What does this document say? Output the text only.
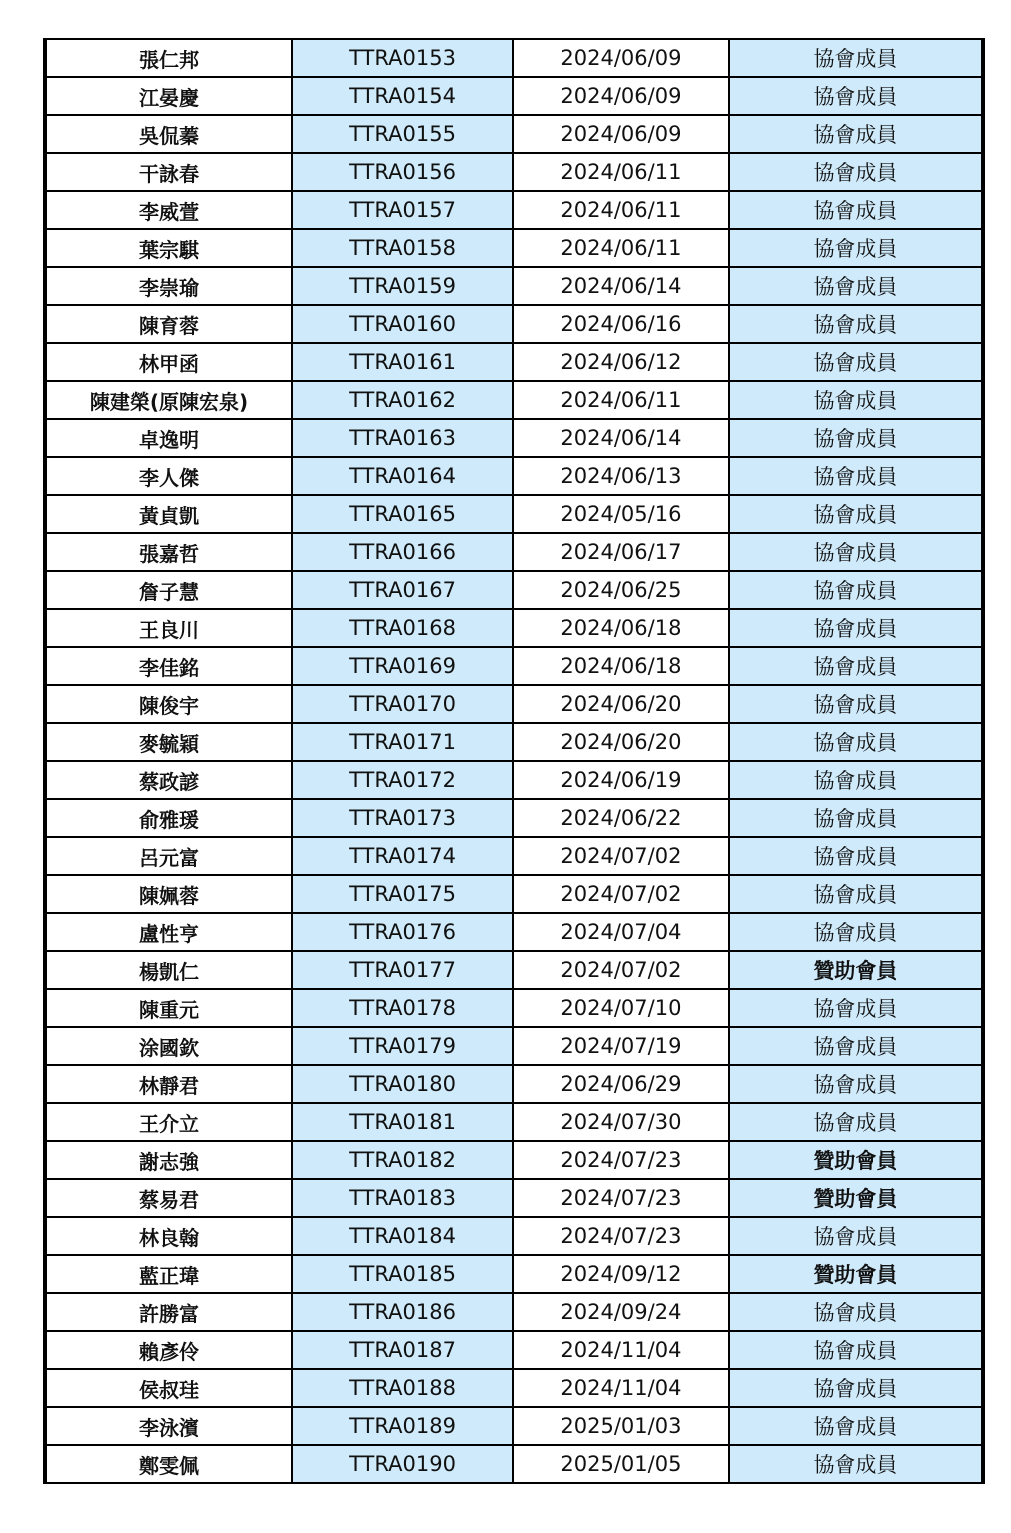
張仁邦	TTRA0153	2024/06/09	協會成員
江晏慶	TTRA0154	2024/06/09	協會成員
吳侃蓁	TTRA0155	2024/06/09	協會成員
干詠春	TTRA0156	2024/06/11	協會成員
李威萱	TTRA0157	2024/06/11	協會成員
葉宗騏	TTRA0158	2024/06/11	協會成員
李崇瑜	TTRA0159	2024/06/14	協會成員
陳育蓉	TTRA0160	2024/06/16	協會成員
林甲函	TTRA0161	2024/06/12	協會成員
陳建榮(原陳宏泉)	TTRA0162	2024/06/11	協會成員
卓逸明	TTRA0163	2024/06/14	協會成員
李人傑	TTRA0164	2024/06/13	協會成員
黃貞凱	TTRA0165	2024/05/16	協會成員
張嘉哲	TTRA0166	2024/06/17	協會成員
詹子慧	TTRA0167	2024/06/25	協會成員
王良川	TTRA0168	2024/06/18	協會成員
李佳銘	TTRA0169	2024/06/18	協會成員
陳俊宇	TTRA0170	2024/06/20	協會成員
麥毓穎	TTRA0171	2024/06/20	協會成員
蔡政諺	TTRA0172	2024/06/19	協會成員
俞雅瑗	TTRA0173	2024/06/22	協會成員
呂元富	TTRA0174	2024/07/02	協會成員
陳姵蓉	TTRA0175	2024/07/02	協會成員
盧性亨	TTRA0176	2024/07/04	協會成員
楊凱仁	TTRA0177	2024/07/02	贊助會員
陳重元	TTRA0178	2024/07/10	協會成員
涂國欽	TTRA0179	2024/07/19	協會成員
林靜君	TTRA0180	2024/06/29	協會成員
王介立	TTRA0181	2024/07/30	協會成員
謝志強	TTRA0182	2024/07/23	贊助會員
蔡易君	TTRA0183	2024/07/23	贊助會員
林良翰	TTRA0184	2024/07/23	協會成員
藍正瑋	TTRA0185	2024/09/12	贊助會員
許勝富	TTRA0186	2024/09/24	協會成員
賴彥伶	TTRA0187	2024/11/04	協會成員
侯叔珪	TTRA0188	2024/11/04	協會成員
李泳濱	TTRA0189	2025/01/03	協會成員
鄭雯佩	TTRA0190	2025/01/05	協會成員
